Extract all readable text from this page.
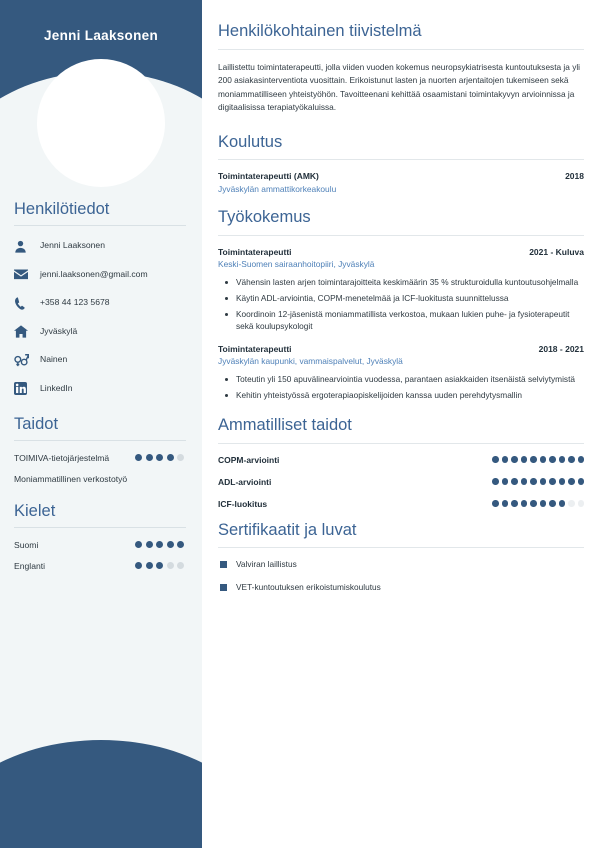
Jenni Laaksonen
Henkilötiedot
Jenni Laaksonen
jenni.laaksonen@gmail.com
+358 44 123 5678
Jyväskylä
Nainen
LinkedIn
Taidot
TOIMIVA-tietojärjestelmä
Moniammatillinen verkostotyö
Kielet
Suomi
Englanti
Henkilökohtainen tiivistelmä
Laillistettu toimintaterapeutti, jolla viiden vuoden kokemus neuropsykiatrisesta kuntoutuksesta ja yli 200 asiakasinterventiota vuosittain. Erikoistunut lasten ja nuorten arjentaitojen tukemiseen sekä moniammatilliseen yhteistyöhön. Tavoitteenani kehittää osaamistani toimintakyvyn arvioinnissa ja digitaalisissa terapiatyökaluissa.
Koulutus
Toimintaterapeutti (AMK)	2018
Jyväskylän ammattikorkeakoulu
Työkokemus
Toimintaterapeutti	2021 - Kuluva
Keski-Suomen sairaanhoitopiiri, Jyväskylä
Vähensin lasten arjen toimintarajoitteita keskimäärin 35 % strukturoidulla kuntoutusohjelmalla
Käytin ADL-arviointia, COPM-menetelmää ja ICF-luokitusta suunnittelussa
Koordinoin 12-jäsenistä moniammatillista verkostoa, mukaan lukien puhe- ja fysioterapeutit sekä koulupsykologit
Toimintaterapeutti	2018 - 2021
Jyväskylän kaupunki, vammaispalvelut, Jyväskylä
Toteutin yli 150 apuvälinearviointia vuodessa, parantaen asiakkaiden itsenäistä selviytymistä
Kehitin yhteistyössä ergoterapiaopiskelijoiden kanssa uuden perehdytysmallin
Ammatilliset taidot
COPM-arviointi
ADL-arviointi
ICF-luokitus
Sertifikaatit ja luvat
Valviran laillistus
VET-kuntoutuksen erikoistumiskoulutus
